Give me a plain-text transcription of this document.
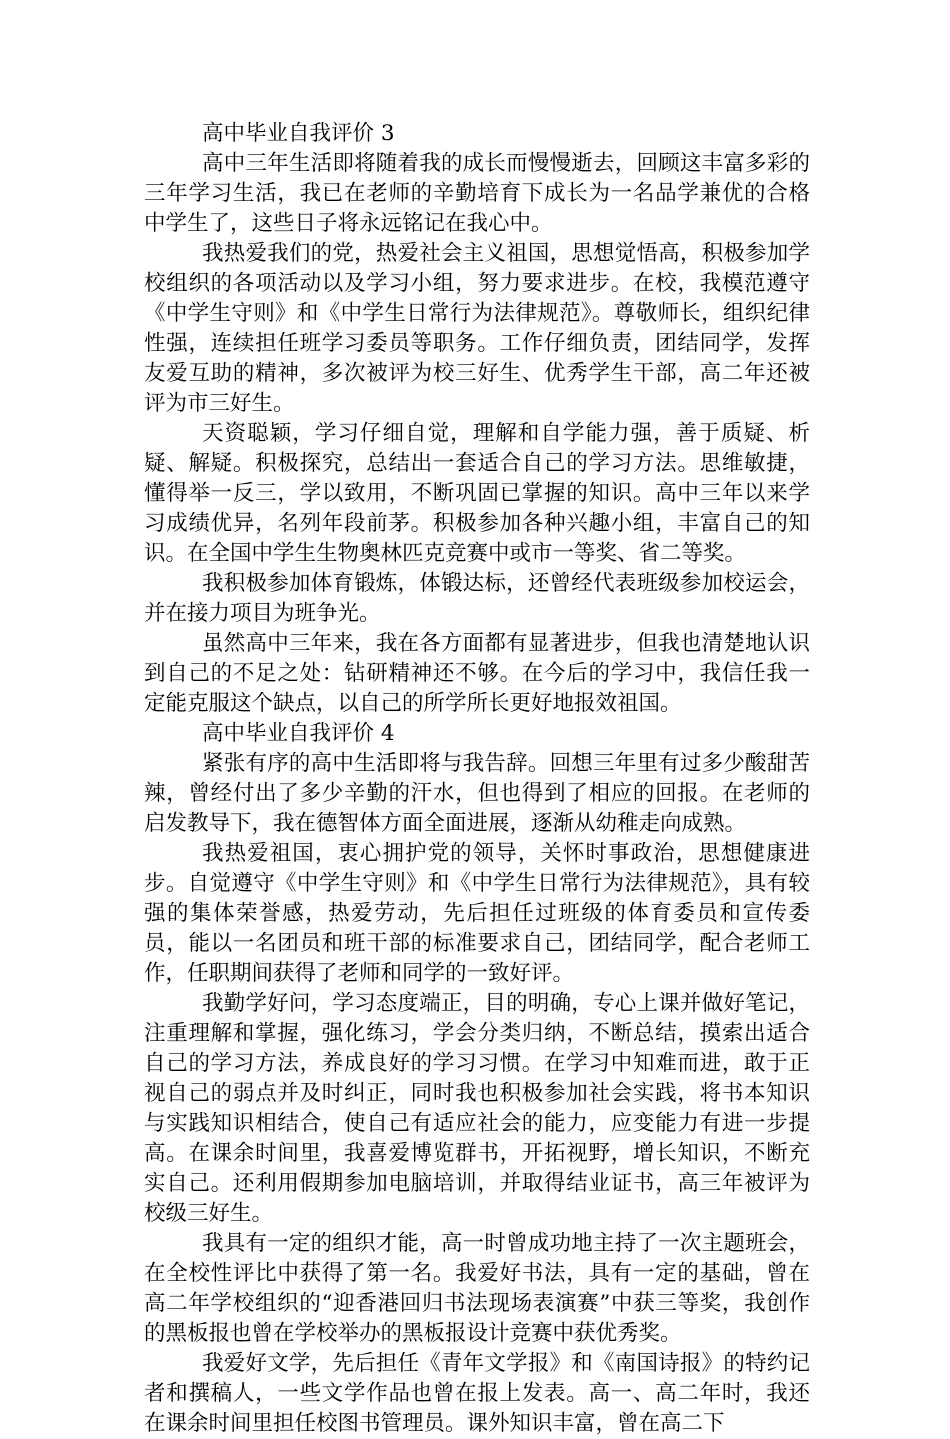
高中毕业自我评价 3

高中三年生活即将随着我的成长而慢慢逝去，回顾这丰富多彩的三年学习生活，我已在老师的辛勤培育下成长为一名品学兼优的合格中学生了，这些日子将永远铭记在我心中。

我热爱我们的党，热爱社会主义祖国，思想觉悟高，积极参加学校组织的各项活动以及学习小组，努力要求进步。在校，我模范遵守《中学生守则》和《中学生日常行为法律规范》。尊敬师长，组织纪律性强，连续担任班学习委员等职务。工作仔细负责，团结同学，发挥友爱互助的精神，多次被评为校三好生、优秀学生干部，高二年还被评为市三好生。

天资聪颖，学习仔细自觉，理解和自学能力强，善于质疑、析疑、解疑。积极探究，总结出一套适合自己的学习方法。思维敏捷，懂得举一反三，学以致用，不断巩固已掌握的知识。高中三年以来学习成绩优异，名列年段前茅。积极参加各种兴趣小组，丰富自己的知识。在全国中学生生物奥林匹克竞赛中或市一等奖、省二等奖。

我积极参加体育锻炼，体锻达标，还曾经代表班级参加校运会，并在接力项目为班争光。

虽然高中三年来，我在各方面都有显著进步，但我也清楚地认识到自己的不足之处：钻研精神还不够。在今后的学习中，我信任我一定能克服这个缺点，以自己的所学所长更好地报效祖国。

高中毕业自我评价 4

紧张有序的高中生活即将与我告辞。回想三年里有过多少酸甜苦辣，曾经付出了多少辛勤的汗水，但也得到了相应的回报。在老师的启发教导下，我在德智体方面全面进展，逐渐从幼稚走向成熟。

我热爱祖国，衷心拥护党的领导，关怀时事政治，思想健康进步。自觉遵守《中学生守则》和《中学生日常行为法律规范》，具有较强的集体荣誉感，热爱劳动，先后担任过班级的体育委员和宣传委员，能以一名团员和班干部的标准要求自己，团结同学，配合老师工作，任职期间获得了老师和同学的一致好评。

我勤学好问，学习态度端正，目的明确，专心上课并做好笔记，注重理解和掌握，强化练习，学会分类归纳，不断总结，摸索出适合自己的学习方法，养成良好的学习习惯。在学习中知难而进，敢于正视自己的弱点并及时纠正，同时我也积极参加社会实践，将书本知识与实践知识相结合，使自己有适应社会的能力，应变能力有进一步提高。在课余时间里，我喜爱博览群书，开拓视野，增长知识，不断充实自己。还利用假期参加电脑培训，并取得结业证书，高三年被评为校级三好生。

我具有一定的组织才能，高一时曾成功地主持了一次主题班会，在全校性评比中获得了第一名。我爱好书法，具有一定的基础，曾在高二年学校组织的“迎香港回归书法现场表演赛”中获三等奖，我创作的黑板报也曾在学校举办的黑板报设计竞赛中获优秀奖。

我爱好文学，先后担任《青年文学报》和《南国诗报》的特约记者和撰稿人，一些文学作品也曾在报上发表。高一、高二年时，我还在课余时间里担任校图书管理员。课外知识丰富，曾在高二下
